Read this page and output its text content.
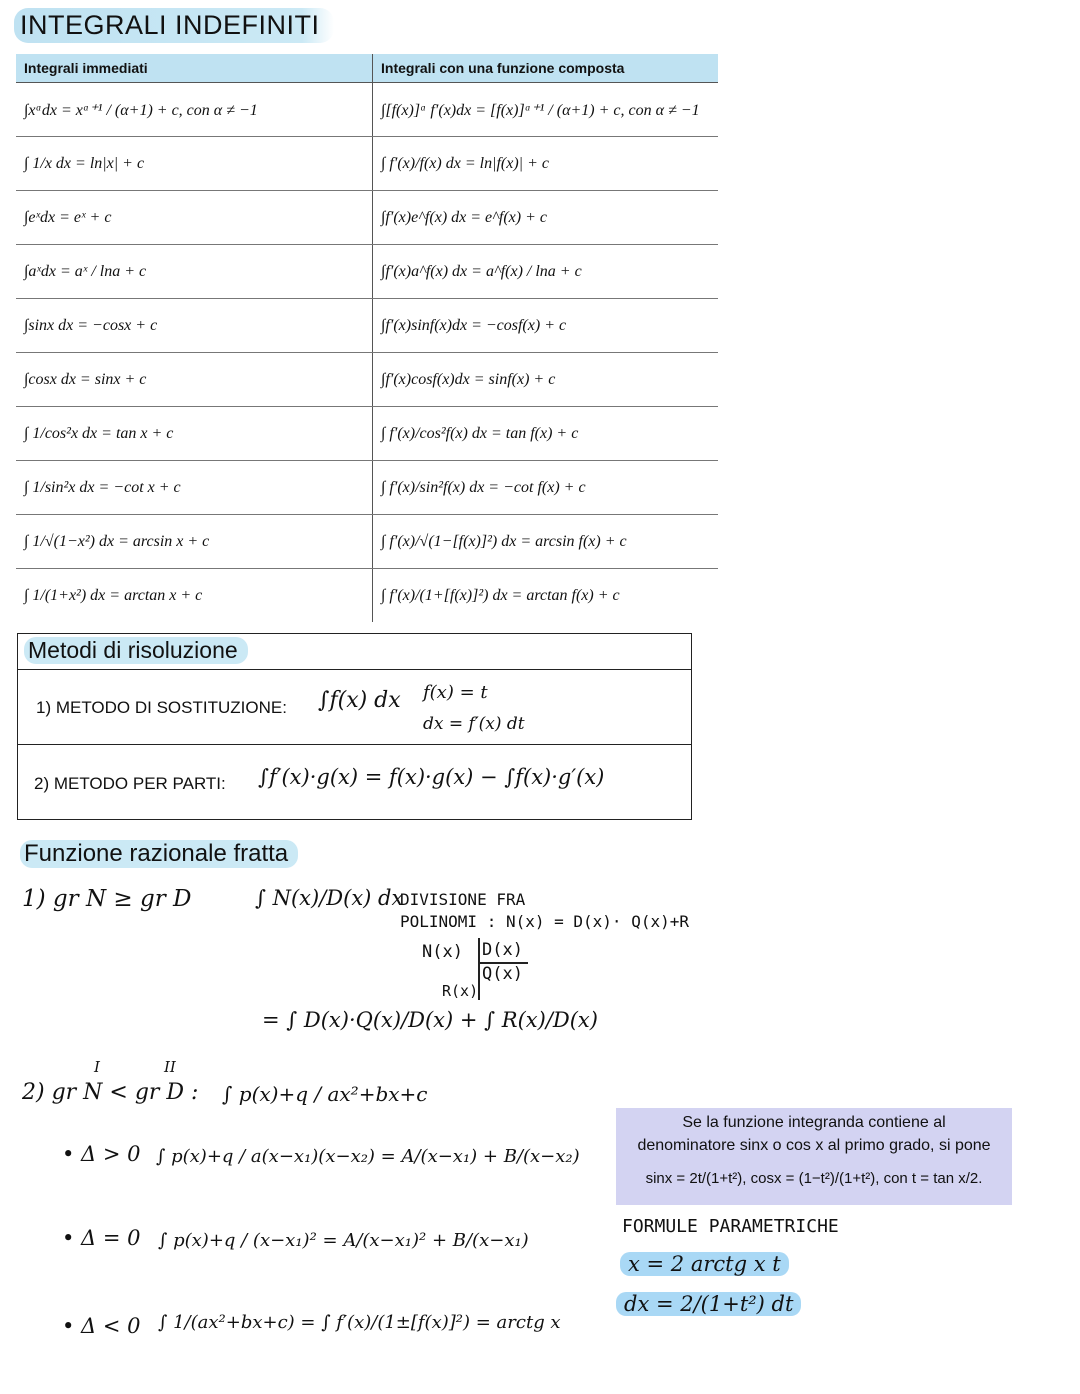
INTEGRALI INDEFINITI
Integrali immediati	Integrali con una funzione composta
∫xᵅdx = xᵅ⁺¹ / (α+1) + c, con α ≠ −1	∫[f(x)]ᵅ f′(x)dx = [f(x)]ᵅ⁺¹ / (α+1) + c, con α ≠ −1
∫ 1/x dx = ln|x| + c	∫ f′(x)/f(x) dx = ln|f(x)| + c
∫eˣdx = eˣ + c	∫f′(x)e^f(x) dx = e^f(x) + c
∫aˣdx = aˣ / lna + c	∫f′(x)a^f(x) dx = a^f(x) / lna + c
∫sinx dx = −cosx + c	∫f′(x)sinf(x)dx = −cosf(x) + c
∫cosx dx = sinx + c	∫f′(x)cosf(x)dx = sinf(x) + c
∫ 1/cos²x dx = tan x + c	∫ f′(x)/cos²f(x) dx = tan f(x) + c
∫ 1/sin²x dx = −cot x + c	∫ f′(x)/sin²f(x) dx = −cot f(x) + c
∫ 1/√(1−x²) dx = arcsin x + c	∫ f′(x)/√(1−[f(x)]²) dx = arcsin f(x) + c
∫ 1/(1+x²) dx = arctan x + c	∫ f′(x)/(1+[f(x)]²) dx = arctan f(x) + c
Metodi di risoluzione
1) METODO DI SOSTITUZIONE: ∫f(x) dx f(x) = t
dx = f′(x) dt
2) METODO PER PARTI: ∫f′(x)·g(x) = f(x)·g(x) − ∫f(x)·g′(x)
Funzione razionale fratta
1) gr N ≥ gr D	∫ N(x)/D(x) dx
DIVISIONE FRA
POLINOMI : N(x) = D(x)· Q(x)+R
N(x) D(x)
Q(x)
R(x)
= ∫ D(x)·Q(x)/D(x) + ∫ R(x)/D(x)
I	II
2) gr N < gr D : ∫ p(x)+q / ax²+bx+c
• Δ > 0 ∫ p(x)+q / a(x−x₁)(x−x₂) = A/(x−x₁) + B/(x−x₂)
• Δ = 0 ∫ p(x)+q / (x−x₁)² = A/(x−x₁)² + B/(x−x₁)
• Δ < 0 ∫ 1/(ax²+bx+c) = ∫ f′(x)/(1±[f(x)]²) = arctg x
Se la funzione integranda contiene al
denominatore sinx o cos x al primo grado, si pone
sinx = 2t/(1+t²), cosx = (1−t²)/(1+t²), con t = tan x/2.
FORMULE PARAMETRICHE
x = 2 arctg x t
dx = 2/(1+t²) dt
